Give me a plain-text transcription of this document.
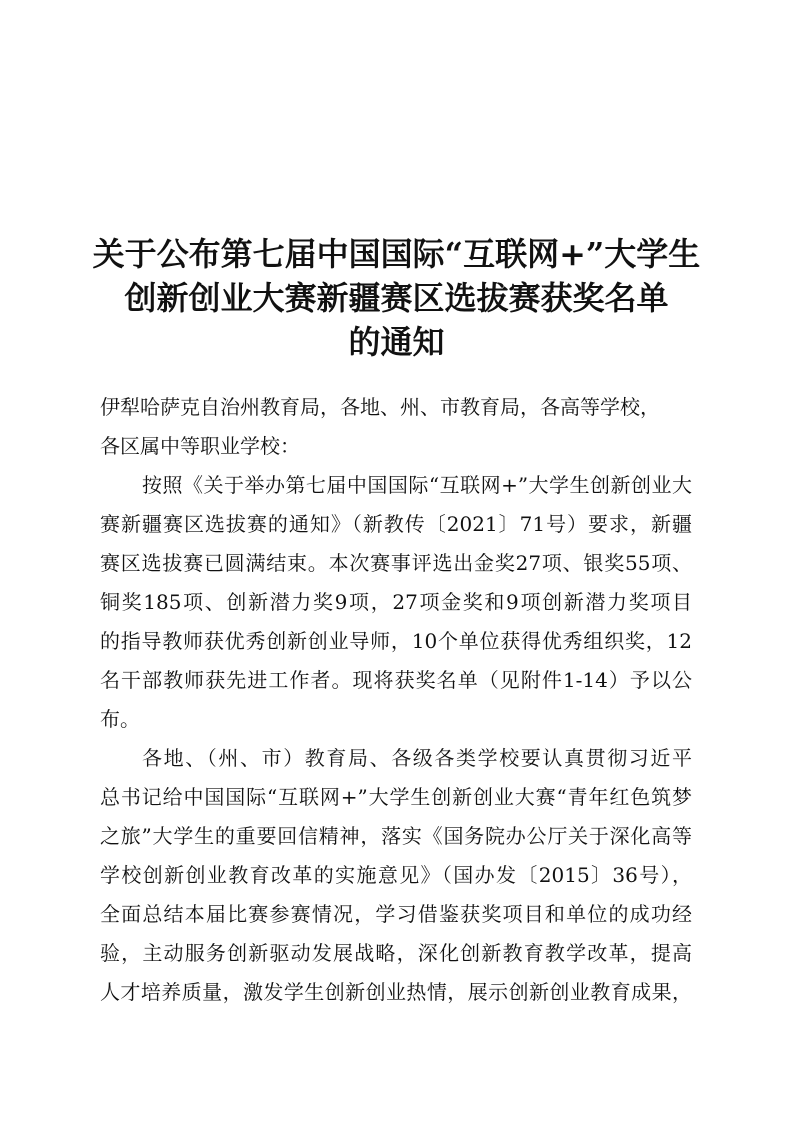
关于公布第七届中国国际“互联网+”大学生
创新创业大赛新疆赛区选拔赛获奖名单
的通知

伊犁哈萨克自治州教育局，各地、州、市教育局，各高等学校，
各区属中等职业学校：

按照《关于举办第七届中国国际“互联网+”大学生创新创业大
赛新疆赛区选拔赛的通知》（新教传〔2021〕71号）要求，新疆
赛区选拔赛已圆满结束。本次赛事评选出金奖27项、银奖55项、
铜奖185项、创新潜力奖9项，27项金奖和9项创新潜力奖项目
的指导教师获优秀创新创业导师，10个单位获得优秀组织奖，12
名干部教师获先进工作者。现将获奖名单（见附件1-14）予以公
布。

各地、（州、市）教育局、各级各类学校要认真贯彻习近平
总书记给中国国际“互联网+”大学生创新创业大赛“青年红色筑梦
之旅”大学生的重要回信精神，落实《国务院办公厅关于深化高等
学校创新创业教育改革的实施意见》（国办发〔2015〕36号），
全面总结本届比赛参赛情况，学习借鉴获奖项目和单位的成功经
验，主动服务创新驱动发展战略，深化创新教育教学改革，提高
人才培养质量，激发学生创新创业热情，展示创新创业教育成果，
